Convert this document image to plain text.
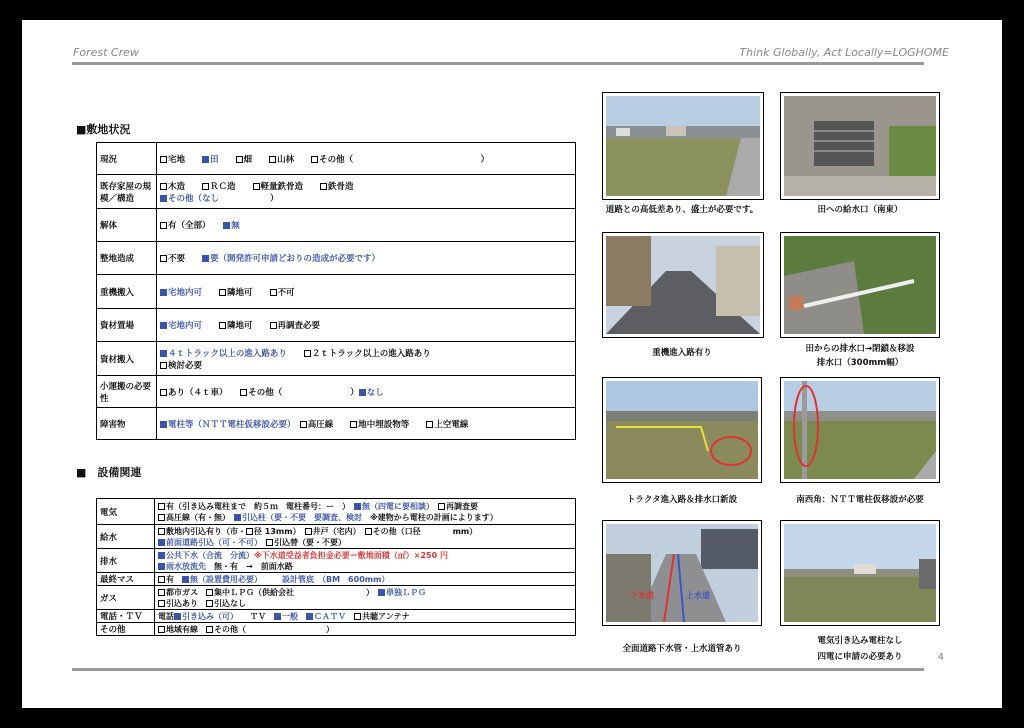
Forest Crew	Think Globally, Act Locally=LOGHOME
■敷地状況
現況	宅地　　田　　 畑　　山林　　その他（　　　　　　　　　　　　　　　）
既存家屋の規模／構造	木造　　ＲＣ造　　軽量鉄骨造　　鉄骨造
その他（なし　　　　　　）
解体	有（全部）　　無
整地造成	不要　　要（開発許可申請どおりの造成が必要です）
重機搬入	宅地内可　　 隣地可　　不可
資材置場	宅地内可　　 隣地可　　再調査必要
資材搬入	４ｔトラック以上の進入路あり　　 ２ｔトラック以上の進入路あり
検討必要
小運搬の必要性	あり（４ｔ車）　　その他（　　　　　　　　） なし
障害物	電柱等（ＮＴＴ電柱仮移設必要）　 高圧線　　地中埋設物等　　上空電線
■　設備関連
電気	有（引き込み電柱まで　約５ｍ　電柱番号：ー　）　無（四電に要相談）　 再調査要
高圧線（有・無）　引込柱（要・不要　要調査、検討　※建物から電柱の計画によります）
給水	敷地内引込有り（市・ 径 13mm）　井戸（宅内）　その他（口径　　　　mm）
前面道路引込（可・不可）　 引込替（要・不要）
排水	公共下水（合流　分流）※下水道受益者負担金必要＝敷地面積（㎡）×250 円
雨水放流先　無・有　→　前面水路
最終マス	有　無（設置費用必要）　　　 設計管底　（BM　600mm）
ガス	都市ガス　集中ＬＰＧ（供給会社　　　　　　　　　）　単独ＬＰＧ
引込あり　引込なし
電話・ＴＶ	電話 引き込み（可）　　ＴＶ　一般　 ＣＡＴＶ　 共聴アンテナ
その他	地域有線　その他（　　　　　　　　　　）
道路との高低差あり、盛土が必要です。	田への給水口（南東）
重機進入路有り	田からの排水口→閉鎖＆移設
排水口（300mm幅）
トラクタ進入路＆排水口新設	南西角：ＮＴＴ電柱仮移設が必要
下水道	上水道
全面道路下水管・上水道管あり
電気引き込み電柱なし
四電に申請の必要あり	4
